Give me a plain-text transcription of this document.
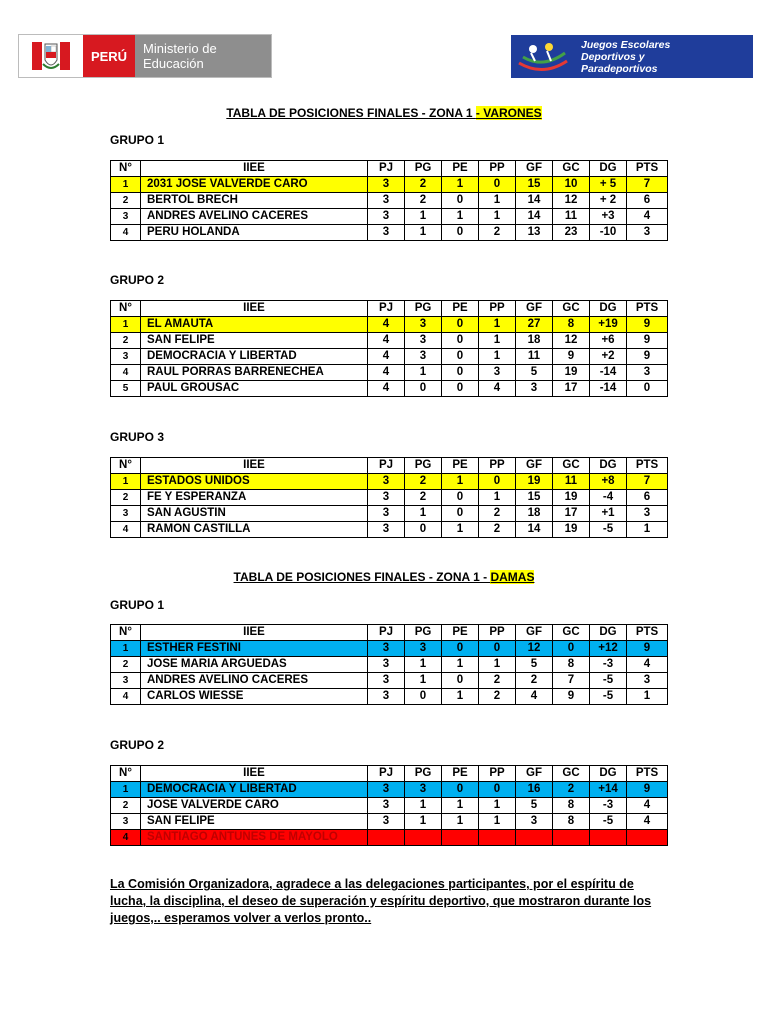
PERÚ	Ministerio de
Educación
Juegos Escolares
Deportivos y
Paradeportivos
TABLA DE POSICIONES FINALES - ZONA 1 - VARONES
GRUPO 1
N°	IIEE	PJ	PG	PE	PP	GF	GC	DG	PTS
1	2031 JOSE VALVERDE CARO	3	2	1	0	15	10	+ 5	7
2	BERTOL BRECH	3	2	0	1	14	12	+ 2	6
3	ANDRES AVELINO CACERES	3	1	1	1	14	11	+3	4
4	PERU HOLANDA	3	1	0	2	13	23	-10	3
GRUPO 2
N°	IIEE	PJ	PG	PE	PP	GF	GC	DG	PTS
1	EL AMAUTA	4	3	0	1	27	8	+19	9
2	SAN FELIPE	4	3	0	1	18	12	+6	9
3	DEMOCRACIA Y LIBERTAD	4	3	0	1	11	9	+2	9
4	RAUL PORRAS BARRENECHEA	4	1	0	3	5	19	-14	3
5	PAUL GROUSAC	4	0	0	4	3	17	-14	0
GRUPO 3
N°	IIEE	PJ	PG	PE	PP	GF	GC	DG	PTS
1	ESTADOS UNIDOS	3	2	1	0	19	11	+8	7
2	FE Y ESPERANZA	3	2	0	1	15	19	-4	6
3	SAN AGUSTIN	3	1	0	2	18	17	+1	3
4	RAMON CASTILLA	3	0	1	2	14	19	-5	1
GRUPO 1
N°	IIEE	PJ	PG	PE	PP	GF	GC	DG	PTS
1	ESTHER FESTINI	3	3	0	0	12	0	+12	9
2	JOSE MARIA ARGUEDAS	3	1	1	1	5	8	-3	4
3	ANDRES AVELINO CACERES	3	1	0	2	2	7	-5	3
4	CARLOS WIESSE	3	0	1	2	4	9	-5	1
GRUPO 2
N°	IIEE	PJ	PG	PE	PP	GF	GC	DG	PTS
1	DEMOCRACIA Y LIBERTAD	3	3	0	0	16	2	+14	9
2	JOSE VALVERDE CARO	3	1	1	1	5	8	-3	4
3	SAN FELIPE	3	1	1	1	3	8	-5	4
4	SANTIAGO ANTUNES DE MAYOLO								
TABLA DE POSICIONES FINALES - ZONA 1 - DAMAS
La Comisión Organizadora, agradece a las delegaciones participantes, por el espíritu de lucha, la disciplina, el deseo de superación y espíritu deportivo, que mostraron durante los juegos,.. esperamos volver a verlos pronto..
